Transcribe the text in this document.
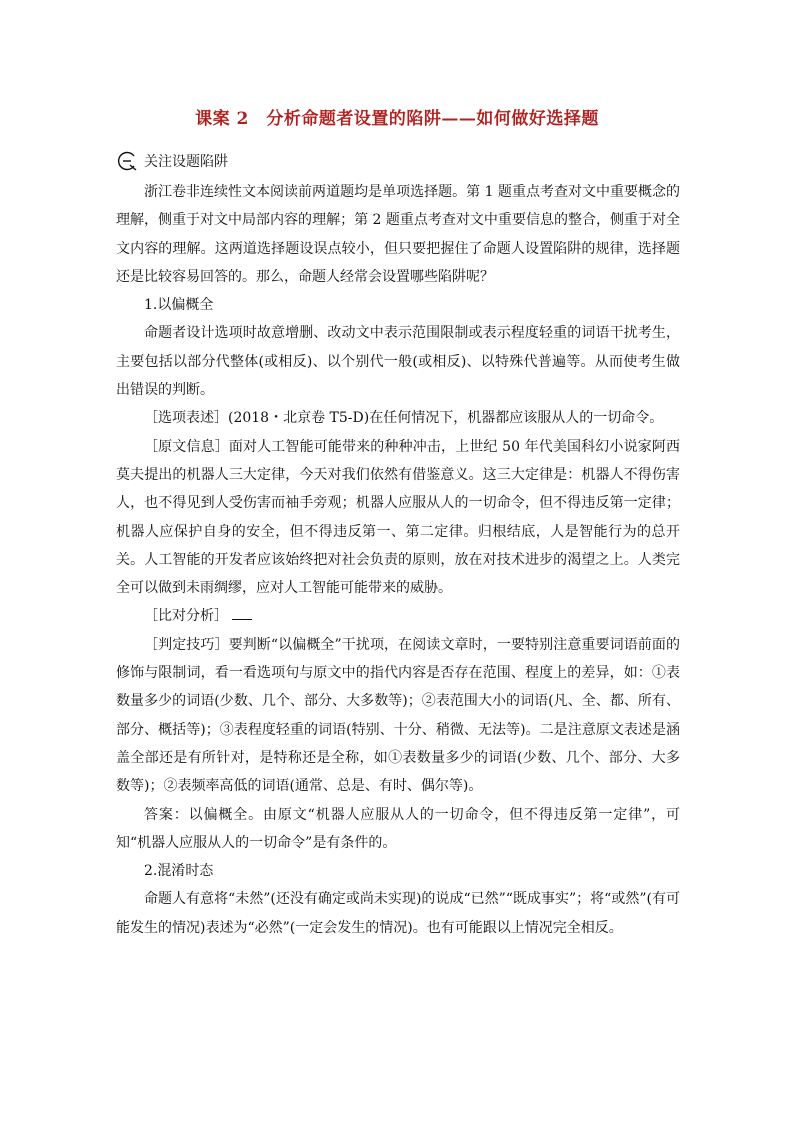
课案 2　分析命题者设置的陷阱——如何做好选择题
关注设题陷阱

浙江卷非连续性文本阅读前两道题均是单项选择题。第 1 题重点考查对文中重要概念的理解，侧重于对文中局部内容的理解；第 2 题重点考查对文中重要信息的整合，侧重于对全文内容的理解。这两道选择题设误点较小，但只要把握住了命题人设置陷阱的规律，选择题还是比较容易回答的。那么，命题人经常会设置哪些陷阱呢？

1.以偏概全

命题者设计选项时故意增删、改动文中表示范围限制或表示程度轻重的词语干扰考生，主要包括以部分代整体(或相反)、以个别代一般(或相反)、以特殊代普遍等。从而使考生做出错误的判断。

［选项表述］(2018・北京卷 T5-D)在任何情况下，机器都应该服从人的一切命令。

［原文信息］面对人工智能可能带来的种种冲击，上世纪 50 年代美国科幻小说家阿西莫夫提出的机器人三大定律，今天对我们依然有借鉴意义。这三大定律是：机器人不得伤害人，也不得见到人受伤害而袖手旁观；机器人应服从人的一切命令，但不得违反第一定律；机器人应保护自身的安全，但不得违反第一、第二定律。归根结底，人是智能行为的总开关。人工智能的开发者应该始终把对社会负责的原则，放在对技术进步的渴望之上。人类完全可以做到未雨绸缪，应对人工智能可能带来的威胁。

［比对分析］

［判定技巧］要判断“以偏概全”干扰项，在阅读文章时，一要特别注意重要词语前面的修饰与限制词，看一看选项句与原文中的指代内容是否存在范围、程度上的差异，如：①表数量多少的词语(少数、几个、部分、大多数等)；②表范围大小的词语(凡、全、都、所有、部分、概括等)；③表程度轻重的词语(特别、十分、稍微、无法等)。二是注意原文表述是涵盖全部还是有所针对，是特称还是全称，如①表数量多少的词语(少数、几个、部分、大多数等)；②表频率高低的词语(通常、总是、有时、偶尔等)。

答案：以偏概全。由原文“机器人应服从人的一切命令，但不得违反第一定律”，可知“机器人应服从人的一切命令”是有条件的。

2.混淆时态

命题人有意将“未然”(还没有确定或尚未实现)的说成“已然”“既成事实”；将“或然”(有可能发生的情况)表述为“必然”(一定会发生的情况)。也有可能跟以上情况完全相反。
